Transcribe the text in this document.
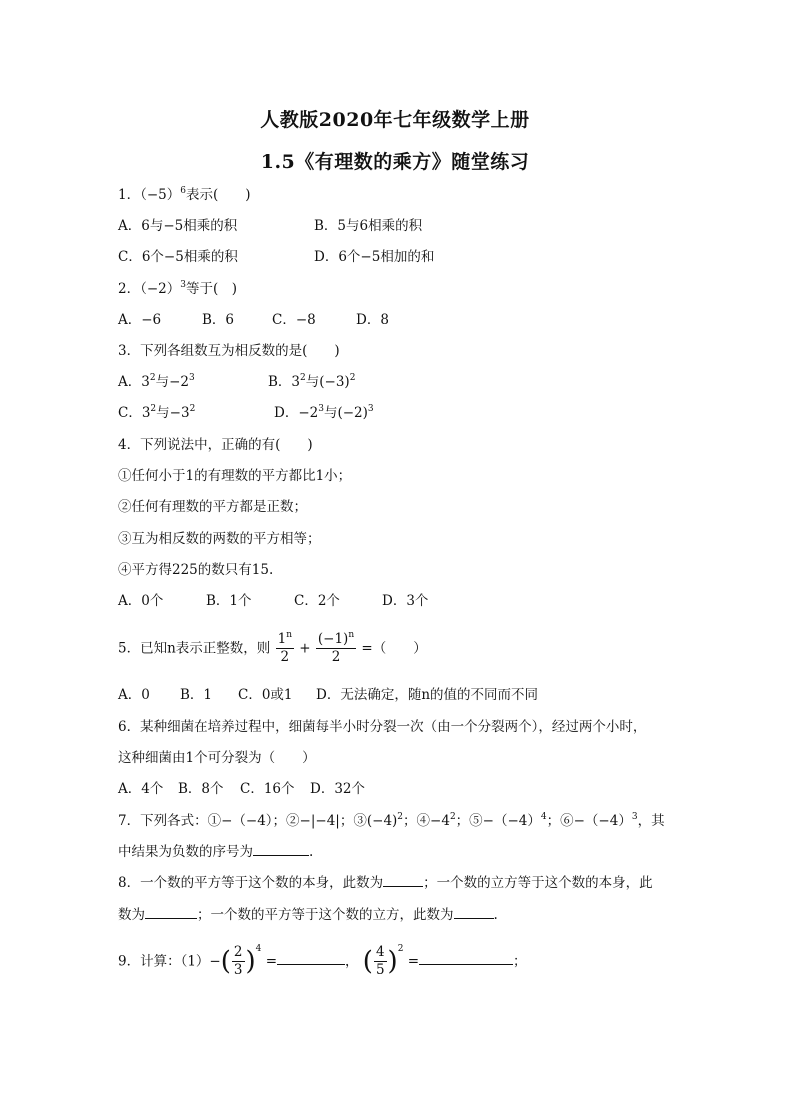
人教版2020年七年级数学上册
1.5《有理数的乘方》随堂练习
1．$(-5)^6$表示(　　)
A．6与−5相乘的积	B．5与6相乘的积
C．6个−5相乘的积	D．6个−5相加的和
2．$(-2)^3$等于(　)
A．−6	B．6	C．−8	D．8
3．下列各组数互为相反数的是(　　)
A．$3^2$与$-2^3$	B．$3^2$与$(-3)^2$
C．$3^2$与$-3^2$	D．$-2^3$与$(-2)^3$
4．下列说法中，正确的有(　　)
①任何小于1的有理数的平方都比1小；
②任何有理数的平方都是正数；
③互为相反数的两数的平方相等；
④平方得225的数只有15.
A．0个	B．1个	C．2个	D．3个
5．已知n表示正整数，则 $\frac{1^n}{2} + \frac{(-1)^n}{2}$ =（　　）
A．0 B．1 C．0或1 D．无法确定，随n的值的不同而不同
6．某种细菌在培养过程中，细菌每半小时分裂一次（由一个分裂两个），经过两个小时，
这种细菌由1个可分裂为（　　）
A．4个 B．8个 C．16个 D．32个
7．下列各式：①−（−4）；②−|−4|；$③(-4)^2$；$④-4^2$；$⑤-(-4)^4$；$⑥-(-4)^3$，其
中结果为负数的序号为	.
8．一个数的平方等于这个数的本身，此数为	；一个数的立方等于这个数的本身，此
数为	；一个数的平方等于这个数的立方，此数为	.
9．计算：$(1)-( \frac{2}{3} )^4$ =	， ( $\frac{4}{5} )^2$ =	；
